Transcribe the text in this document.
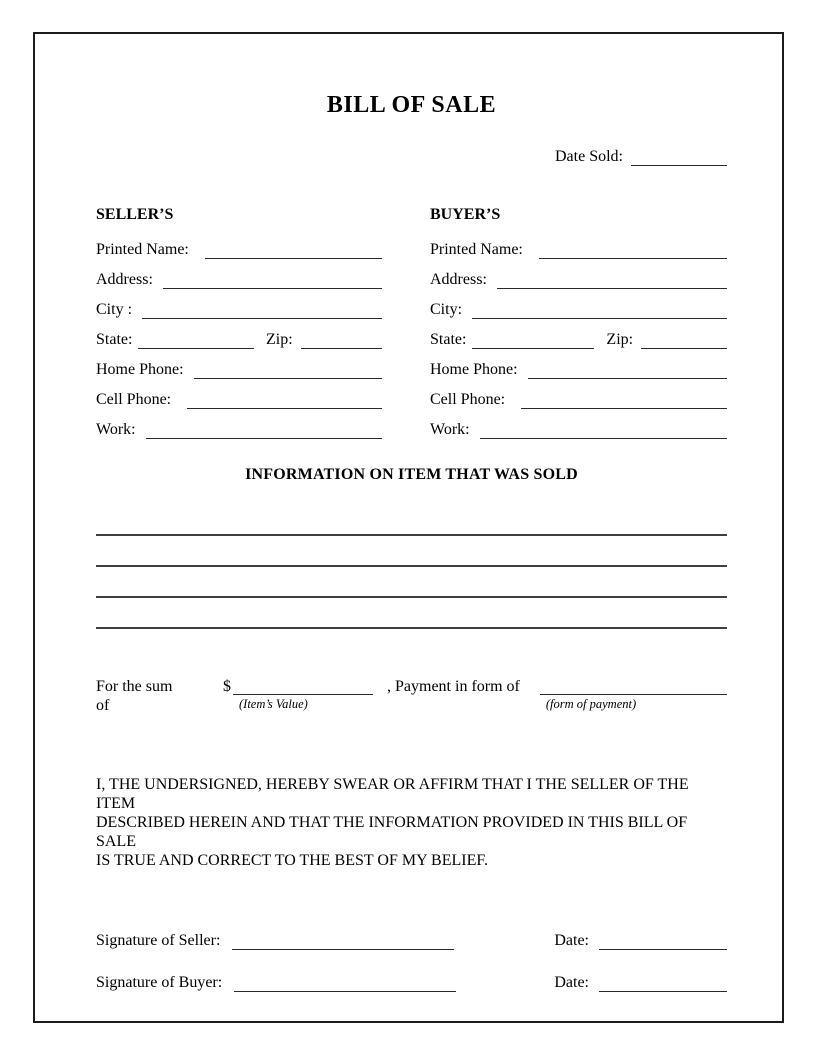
BILL OF SALE
Date Sold:
SELLER’S
Printed Name:
Address:
City :
State:	Zip:
Home Phone:
Cell Phone:
Work:
BUYER’S
Printed Name:
Address:
City:
State:	Zip:
Home Phone:
Cell Phone:
Work:
INFORMATION ON ITEM THAT WAS SOLD
For the sum of
$
(Item’s Value)
, Payment in form of
(form of payment)
I, THE UNDERSIGNED, HEREBY SWEAR OR AFFIRM THAT I THE SELLER OF THE ITEM
DESCRIBED HEREIN AND THAT THE INFORMATION PROVIDED IN THIS BILL OF SALE
IS TRUE AND CORRECT TO THE BEST OF MY BELIEF.
Signature of Seller:	Date:
Signature of Buyer:	Date:
